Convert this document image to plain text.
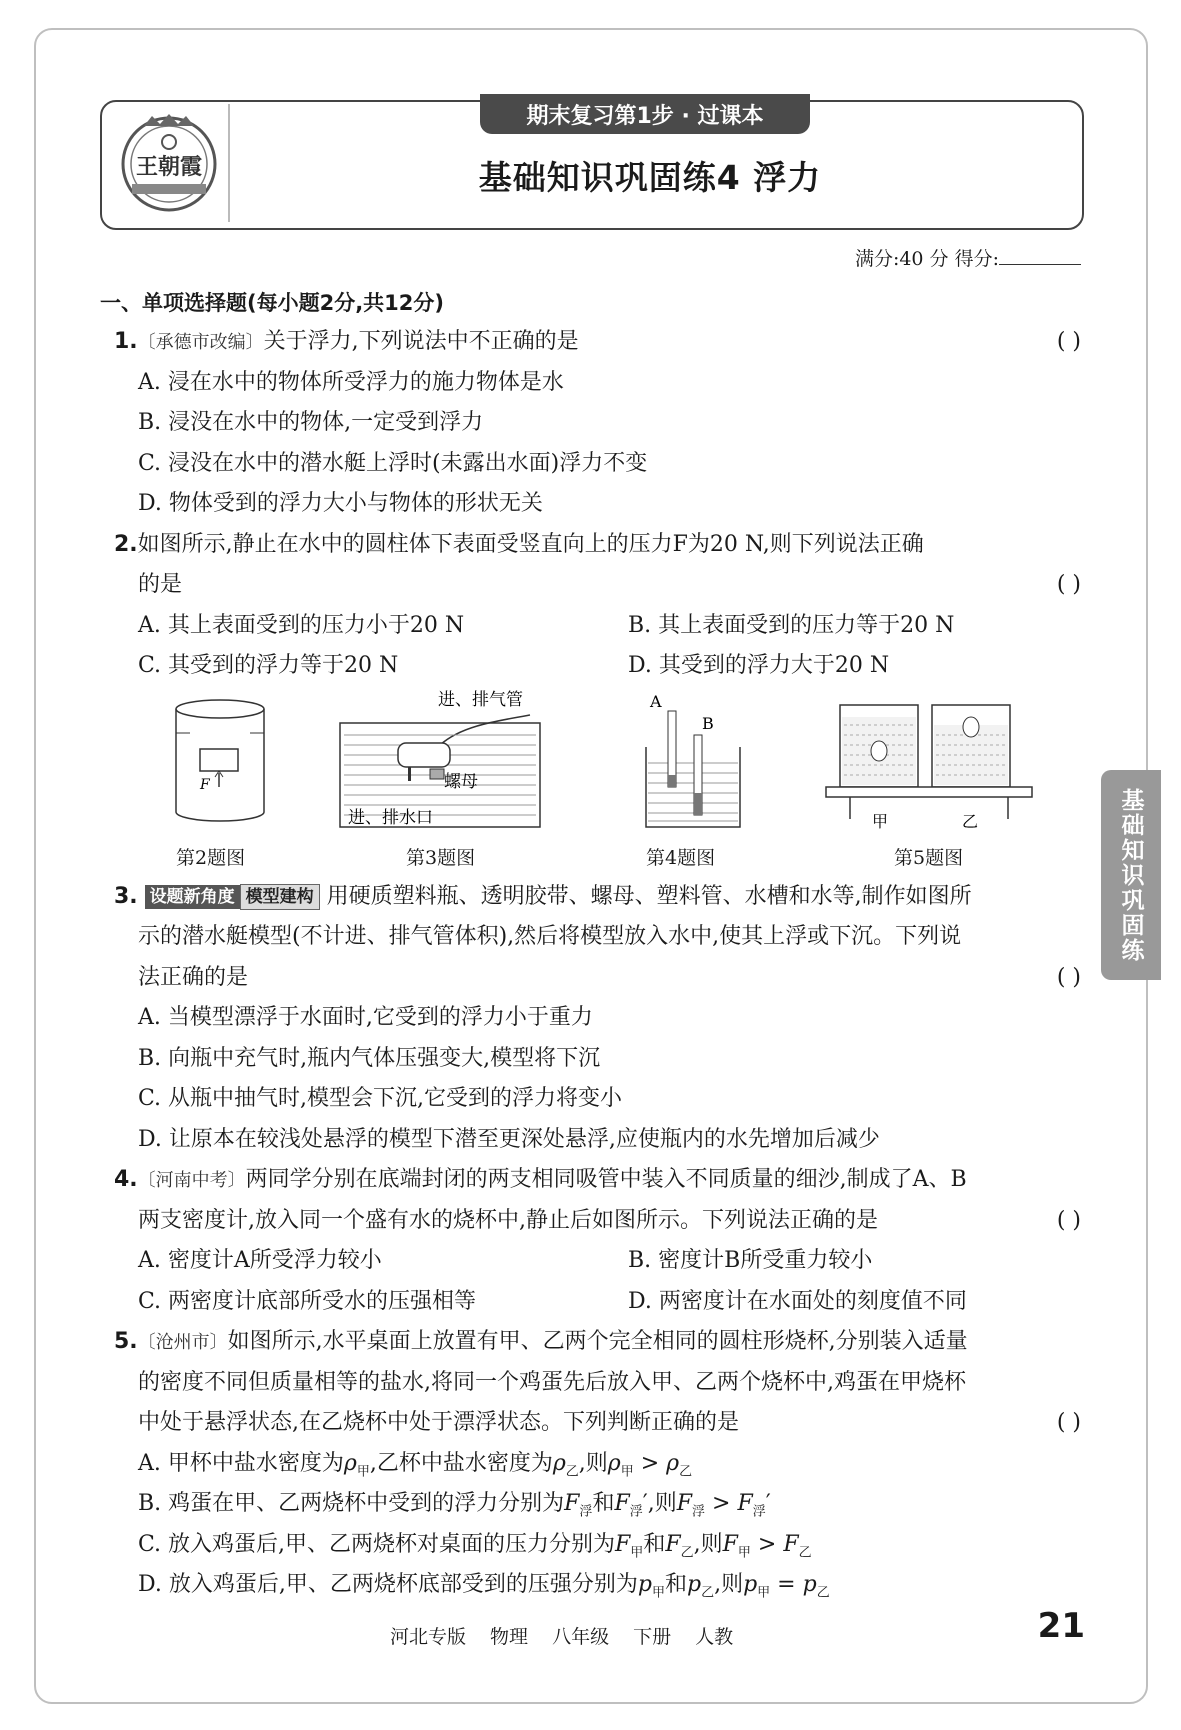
王朝霞
期末复习第1步 · 过课本
基础知识巩固练4 浮力
满分:40 分 得分:
基础知识巩固练
一、单项选择题(每小题2分,共12分)
1.〔承德市改编〕关于浮力,下列说法中不正确的是	( )
A. 浸在水中的物体所受浮力的施力物体是水
B. 浸没在水中的物体,一定受到浮力
C. 浸没在水中的潜水艇上浮时(未露出水面)浮力不变
D. 物体受到的浮力大小与物体的形状无关
2.如图所示,静止在水中的圆柱体下表面受竖直向上的压力F为20 N,则下列说法正确
的是	( )
A. 其上表面受到的压力小于20 N	B. 其上表面受到的压力等于20 N
C. 其受到的浮力等于20 N	D. 其受到的浮力大于20 N
F
第2题图
进、排气管
螺母
进、排水口
第3题图
A
B
第4题图
甲	乙
第5题图
3. 设题新角度 模型建构 用硬质塑料瓶、透明胶带、螺母、塑料管、水槽和水等,制作如图所
示的潜水艇模型(不计进、排气管体积),然后将模型放入水中,使其上浮或下沉。下列说
法正确的是	( )
A. 当模型漂浮于水面时,它受到的浮力小于重力
B. 向瓶中充气时,瓶内气体压强变大,模型将下沉
C. 从瓶中抽气时,模型会下沉,它受到的浮力将变小
D. 让原本在较浅处悬浮的模型下潜至更深处悬浮,应使瓶内的水先增加后减少
4.〔河南中考〕两同学分别在底端封闭的两支相同吸管中装入不同质量的细沙,制成了A、B
两支密度计,放入同一个盛有水的烧杯中,静止后如图所示。下列说法正确的是	( )
A. 密度计A所受浮力较小	B. 密度计B所受重力较小
C. 两密度计底部所受水的压强相等	D. 两密度计在水面处的刻度值不同
5.〔沧州市〕如图所示,水平桌面上放置有甲、乙两个完全相同的圆柱形烧杯,分别装入适量
的密度不同但质量相等的盐水,将同一个鸡蛋先后放入甲、乙两个烧杯中,鸡蛋在甲烧杯
中处于悬浮状态,在乙烧杯中处于漂浮状态。下列判断正确的是	( )
A. 甲杯中盐水密度为$\rho_甲$,乙杯中盐水密度为$\rho_乙$,则$\rho_甲 > \rho_乙$
B. 鸡蛋在甲、乙两烧杯中受到的浮力分别为$F_浮$和$F_浮'$,则$F_浮 > F_浮'$
C. 放入鸡蛋后,甲、乙两烧杯对桌面的压力分别为$F_甲$和$F_乙$,则$F_甲 > F_乙$
D. 放入鸡蛋后,甲、乙两烧杯底部受到的压强分别为$p_甲$和$p_乙$,则$p_甲 = p_乙$
河北专版 物理 八年级 下册 人教	21
